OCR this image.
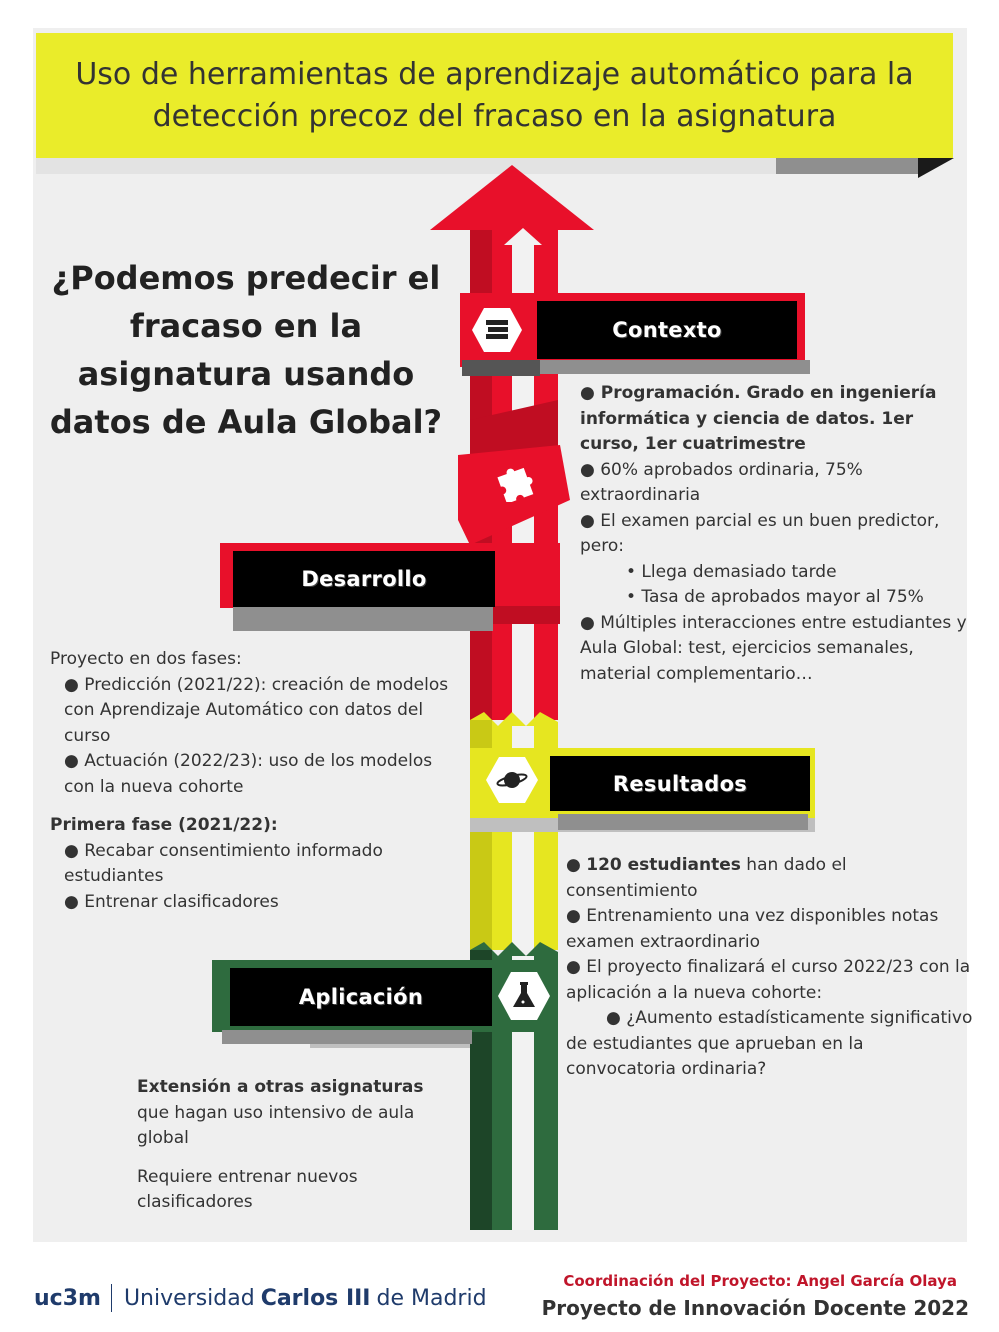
Uso de herramientas de aprendizaje automático para la
detección precoz del fracaso en la asignatura
Contexto
Desarrollo
Resultados
Aplicación
¿Podemos predecir el fracaso en la asignatura usando datos de Aula Global?

● Programación. Grado en ingeniería informática y ciencia de datos. 1er curso, 1er cuatrimestre

● 60% aprobados ordinaria, 75% extraordinaria

● El examen parcial es un buen predictor, pero:

• Llega demasiado tarde

• Tasa de aprobados mayor al 75%

● Múltiples interacciones entre estudiantes y Aula Global: test, ejercicios semanales, material complementario…

Proyecto en dos fases:

● Predicción (2021/22): creación de modelos con Aprendizaje Automático con datos del curso

● Actuación (2022/23): uso de los modelos con la nueva cohorte

Primera fase (2021/22):

● Recabar consentimiento informado estudiantes

● Entrenar clasificadores

● 120 estudiantes han dado el consentimiento

● Entrenamiento una vez disponibles notas examen extraordinario

● El proyecto finalizará el curso 2022/23 con la aplicación a la nueva cohorte:

● ¿Aumento estadísticamente significativo de estudiantes que aprueban en la convocatoria ordinaria?

Extensión a otras asignaturas que hagan uso intensivo de aula global

Requiere entrenar nuevos clasificadores

uc3m Universidad Carlos III de Madrid
Coordinación del Proyecto: Angel García Olaya
Proyecto de Innovación Docente 2022
